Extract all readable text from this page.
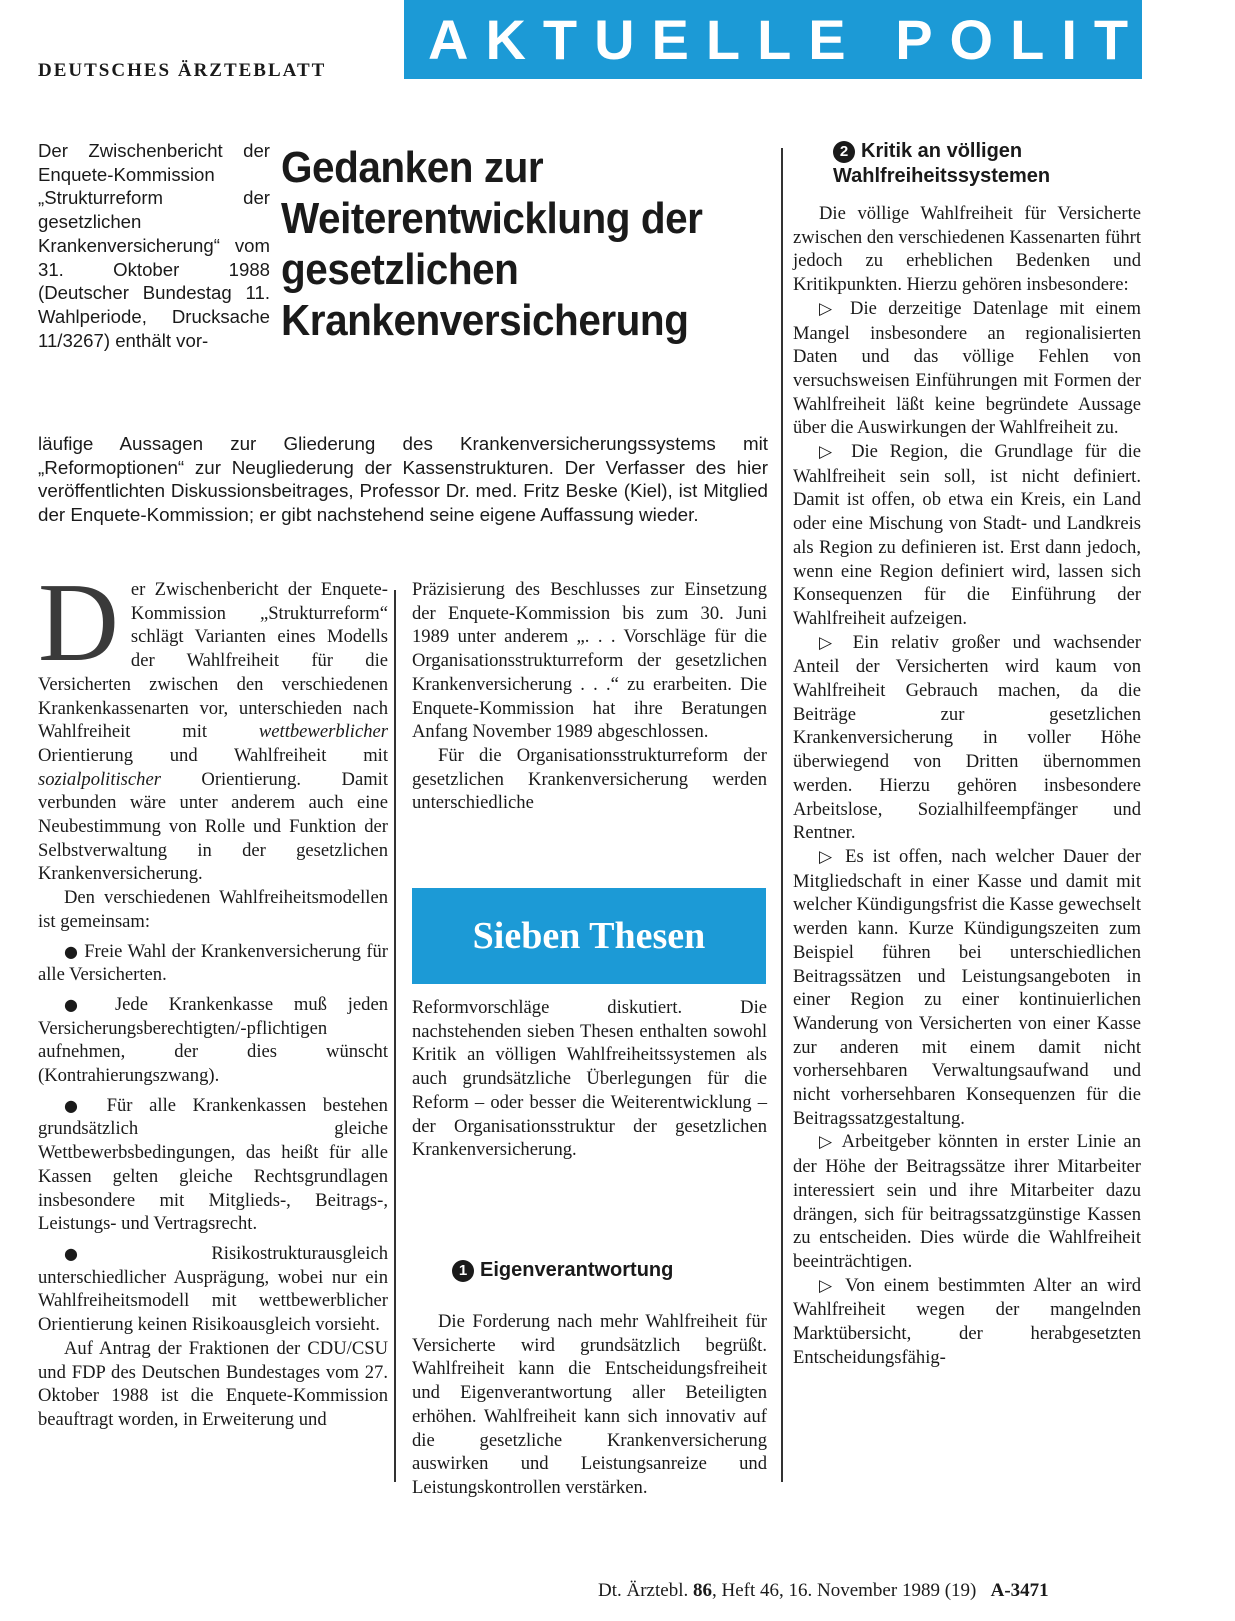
DEUTSCHES ÄRZTEBLATT	AKTUELLE POLITIK
Der Zwischenbericht der Enquete-Kommission „Strukturreform der gesetzlichen Krankenversicherung“ vom 31. Oktober 1988 (Deutscher Bundestag 11. Wahlperiode, Drucksache 11/3267) enthält vor-
Gedanken zur Weiterentwicklung der gesetzlichen Krankenversicherung
läufige Aussagen zur Gliederung des Krankenversicherungssystems mit „Reformoptionen“ zur Neugliederung der Kassenstrukturen. Der Verfasser des hier veröffentlichten Diskussionsbeitrages, Professor Dr. med. Fritz Beske (Kiel), ist Mitglied der Enquete-Kommission; er gibt nachstehend seine eigene Auffassung wieder.

Der Zwischenbericht der Enquete-Kommission „Strukturreform“ schlägt Varianten eines Modells der Wahlfreiheit für die Versicherten zwischen den verschiedenen Krankenkassenarten vor, unterschieden nach Wahlfreiheit mit wettbewerblicher Orientierung und Wahlfreiheit mit sozialpolitischer Orientierung. Damit verbunden wäre unter anderem auch eine Neubestimmung von Rolle und Funktion der Selbstverwaltung in der gesetzlichen Krankenversicherung.

Den verschiedenen Wahlfreiheitsmodellen ist gemeinsam:

● Freie Wahl der Krankenversicherung für alle Versicherten.

● Jede Krankenkasse muß jeden Versicherungsberechtigten/-pflichtigen aufnehmen, der dies wünscht (Kontrahierungszwang).

● Für alle Krankenkassen bestehen grundsätzlich gleiche Wettbewerbsbedingungen, das heißt für alle Kassen gelten gleiche Rechtsgrundlagen insbesondere mit Mitglieds-, Beitrags-, Leistungs- und Vertragsrecht.

●	Risikostrukturausgleich unterschiedlicher Ausprägung, wobei nur ein Wahlfreiheitsmodell mit wettbewerblicher Orientierung keinen Risikoausgleich vorsieht.

Auf Antrag der Fraktionen der CDU/CSU und FDP des Deutschen Bundestages vom 27. Oktober 1988 ist die Enquete-Kommission beauftragt worden, in Erweiterung und

Präzisierung des Beschlusses zur Einsetzung der Enquete-Kommission bis zum 30. Juni 1989 unter anderem „. . . Vorschläge für die Organisationsstrukturreform der gesetzlichen Krankenversicherung . . .“ zu erarbeiten. Die Enquete-Kommission hat ihre Beratungen Anfang November 1989 abgeschlossen.

Für die Organisationsstrukturreform der gesetzlichen Krankenversicherung werden unterschiedliche

Sieben Thesen

Reformvorschläge diskutiert. Die nachstehenden sieben Thesen enthalten sowohl Kritik an völligen Wahlfreiheitssystemen als auch grundsätzliche Überlegungen für die Reform – oder besser die Weiterentwicklung – der Organisationsstruktur der gesetzlichen Krankenversicherung.

1 Eigenverantwortung

Die Forderung nach mehr Wahlfreiheit für Versicherte wird grundsätzlich begrüßt. Wahlfreiheit kann die Entscheidungsfreiheit und Eigenverantwortung aller Beteiligten erhöhen. Wahlfreiheit kann sich innovativ auf die gesetzliche Krankenversicherung auswirken und Leistungsanreize und Leistungskontrollen verstärken.

2 Kritik an völligen Wahlfreiheitssystemen

Die völlige Wahlfreiheit für Versicherte zwischen den verschiedenen Kassenarten führt jedoch zu erheblichen Bedenken und Kritikpunkten. Hierzu gehören insbesondere:

▷ Die derzeitige Datenlage mit einem Mangel insbesondere an regionalisierten Daten und das völlige Fehlen von versuchsweisen Einführungen mit Formen der Wahlfreiheit läßt keine begründete Aussage über die Auswirkungen der Wahlfreiheit zu.

▷ Die Region, die Grundlage für die Wahlfreiheit sein soll, ist nicht definiert. Damit ist offen, ob etwa ein Kreis, ein Land oder eine Mischung von Stadt- und Landkreis als Region zu definieren ist. Erst dann jedoch, wenn eine Region definiert wird, lassen sich Konsequenzen für die Einführung der Wahlfreiheit aufzeigen.

▷ Ein relativ großer und wachsender Anteil der Versicherten wird kaum von Wahlfreiheit Gebrauch machen, da die Beiträge zur gesetzlichen Krankenversicherung in voller Höhe überwiegend von Dritten übernommen werden. Hierzu gehören insbesondere Arbeitslose, Sozialhilfeempfänger und Rentner.

▷ Es ist offen, nach welcher Dauer der Mitgliedschaft in einer Kasse und damit mit welcher Kündigungsfrist die Kasse gewechselt werden kann. Kurze Kündigungszeiten zum Beispiel führen bei unterschiedlichen Beitragssätzen und Leistungsangeboten in einer Region zu einer kontinuierlichen Wanderung von Versicherten von einer Kasse zur anderen mit einem damit nicht vorhersehbaren Verwaltungsaufwand und nicht vorhersehbaren Konsequenzen für die Beitragssatzgestaltung.

▷ Arbeitgeber könnten in erster Linie an der Höhe der Beitragssätze ihrer Mitarbeiter interessiert sein und ihre Mitarbeiter dazu drängen, sich für beitragssatzgünstige Kassen zu entscheiden. Dies würde die Wahlfreiheit beeinträchtigen.

▷ Von einem bestimmten Alter an wird Wahlfreiheit wegen der mangelnden Marktübersicht, der herabgesetzten Entscheidungsfähig-

Dt. Ärztebl. 86, Heft 46, 16. November 1989 (19) A-3471
